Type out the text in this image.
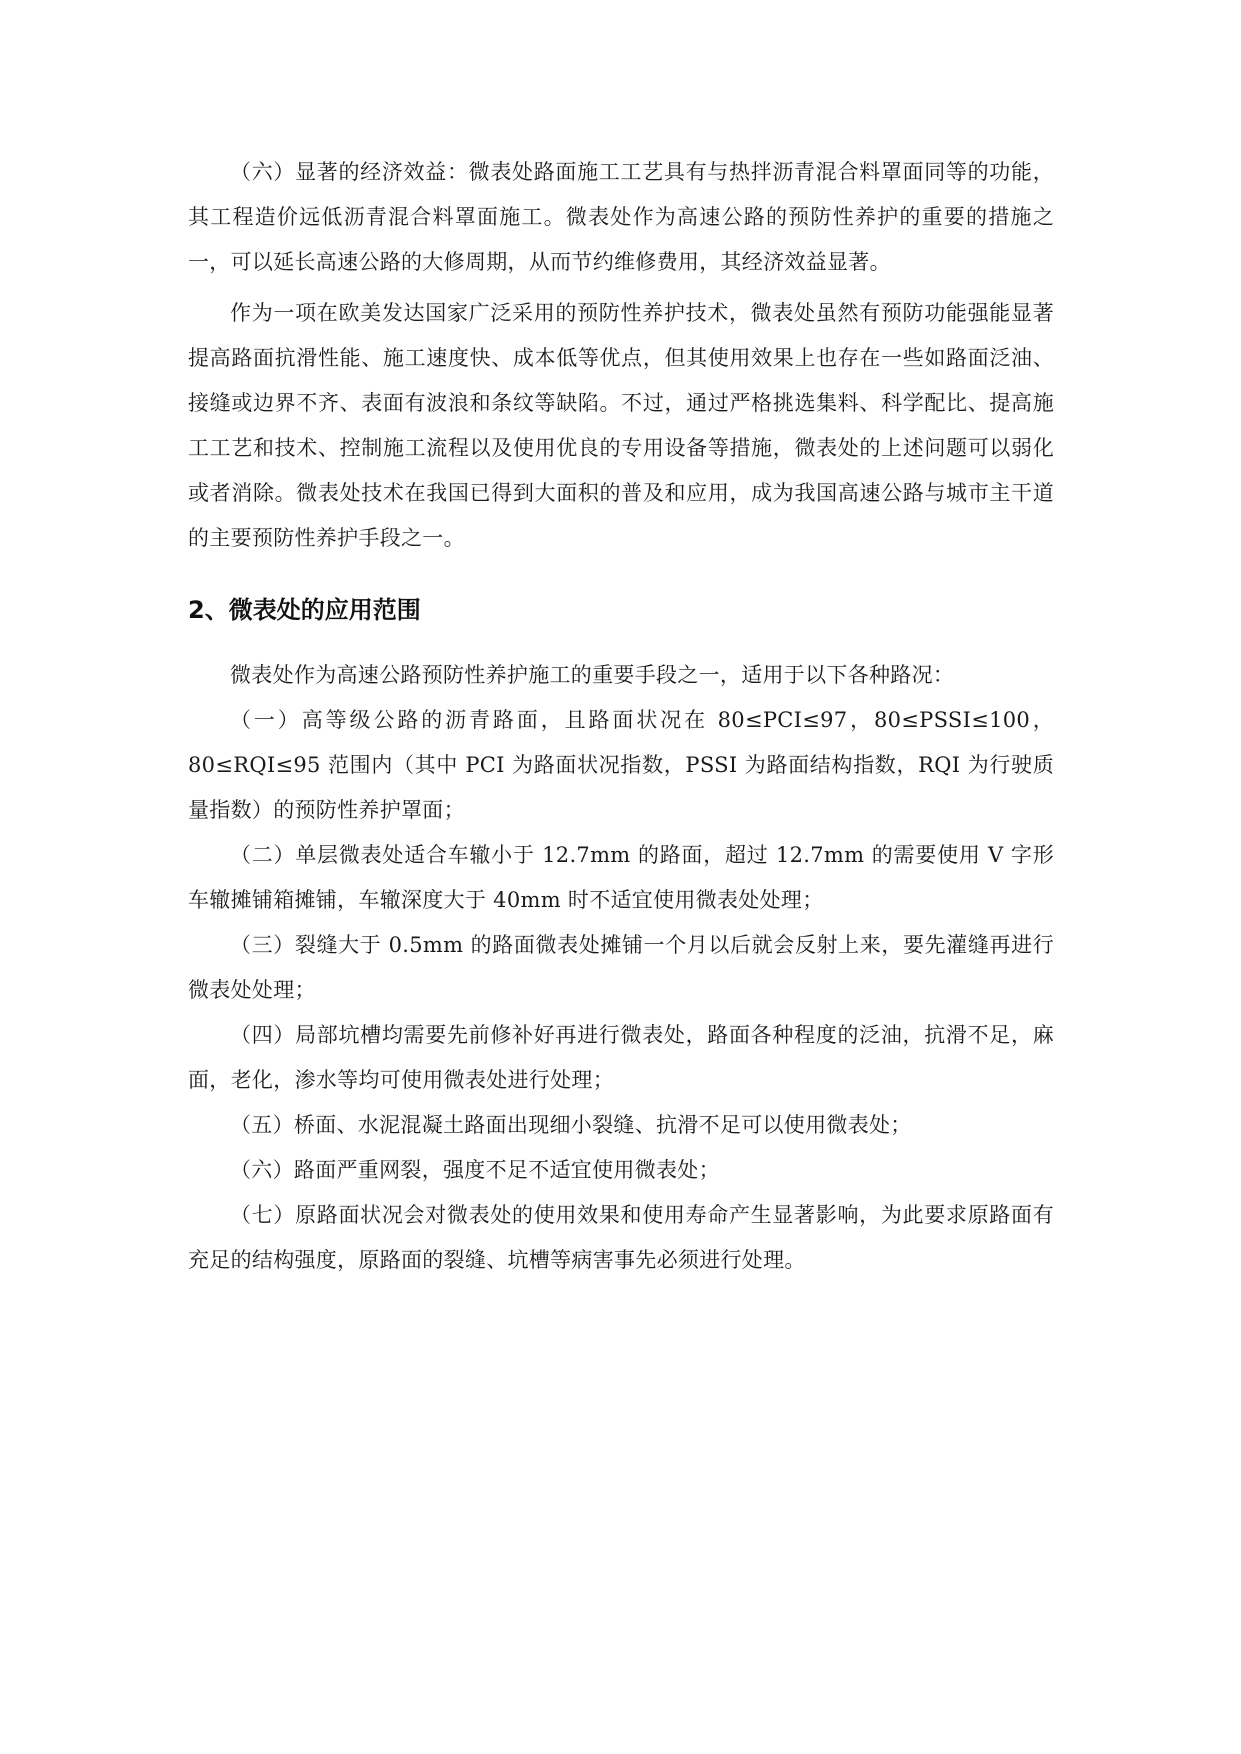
（六）显著的经济效益：微表处路面施工工艺具有与热拌沥青混合料罩面同等的功能，其工程造价远低沥青混合料罩面施工。微表处作为高速公路的预防性养护的重要的措施之一，可以延长高速公路的大修周期，从而节约维修费用，其经济效益显著。

作为一项在欧美发达国家广泛采用的预防性养护技术，微表处虽然有预防功能强能显著提高路面抗滑性能、施工速度快、成本低等优点，但其使用效果上也存在一些如路面泛油、接缝或边界不齐、表面有波浪和条纹等缺陷。不过，通过严格挑选集料、科学配比、提高施工工艺和技术、控制施工流程以及使用优良的专用设备等措施，微表处的上述问题可以弱化或者消除。微表处技术在我国已得到大面积的普及和应用，成为我国高速公路与城市主干道的主要预防性养护手段之一。

2、微表处的应用范围

微表处作为高速公路预防性养护施工的重要手段之一，适用于以下各种路况：

（一）高等级公路的沥青路面，且路面状况在 80≤PCI≤97，80≤PSSI≤100，80≤RQI≤95 范围内（其中 PCI 为路面状况指数，PSSI 为路面结构指数，RQI 为行驶质量指数）的预防性养护罩面；

（二）单层微表处适合车辙小于 12.7mm 的路面，超过 12.7mm 的需要使用 V 字形车辙摊铺箱摊铺，车辙深度大于 40mm 时不适宜使用微表处处理；

（三）裂缝大于 0.5mm 的路面微表处摊铺一个月以后就会反射上来，要先灌缝再进行微表处处理；

（四）局部坑槽均需要先前修补好再进行微表处，路面各种程度的泛油，抗滑不足，麻面，老化，渗水等均可使用微表处进行处理；

（五）桥面、水泥混凝土路面出现细小裂缝、抗滑不足可以使用微表处；

（六）路面严重网裂，强度不足不适宜使用微表处；

（七）原路面状况会对微表处的使用效果和使用寿命产生显著影响，为此要求原路面有充足的结构强度，原路面的裂缝、坑槽等病害事先必须进行处理。
